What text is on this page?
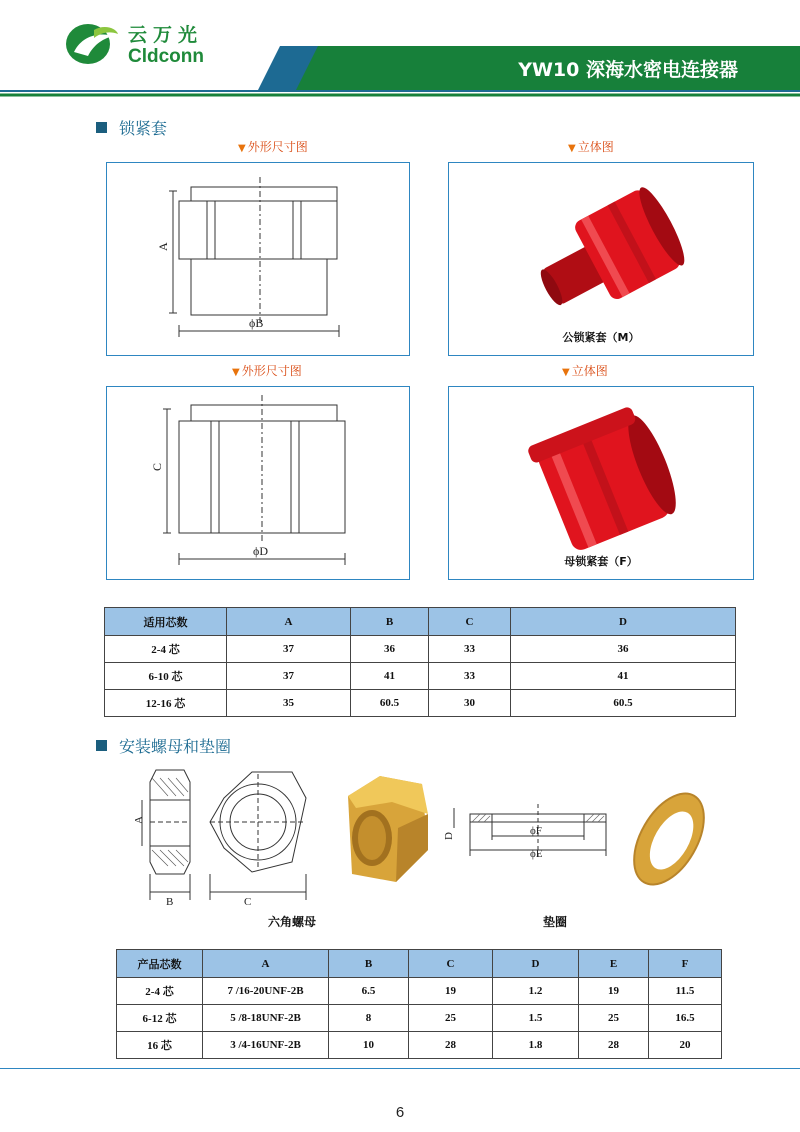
云万光
Cldconn
YW10 深海水密电连接器
锁紧套
▼ 外形尺寸图	▼ 立体图
A
ϕB
公锁紧套（M）
▼ 外形尺寸图	▼ 立体图
C
ϕD
母锁紧套（F）
适用芯数	A	B	C	D
2-4 芯	37	36	33	36
6-10 芯	37	41	33	41
12-16 芯	35	60.5	30	60.5
安装螺母和垫圈
A
B	C
六角螺母
D	ϕF
ϕE
垫圈
产品芯数	A	B	C	D	E	F
2-4 芯	7 /16-20UNF-2B	6.5	19	1.2	19	11.5
6-12 芯	5 /8-18UNF-2B	8	25	1.5	25	16.5
16 芯	3 /4-16UNF-2B	10	28	1.8	28	20
6
